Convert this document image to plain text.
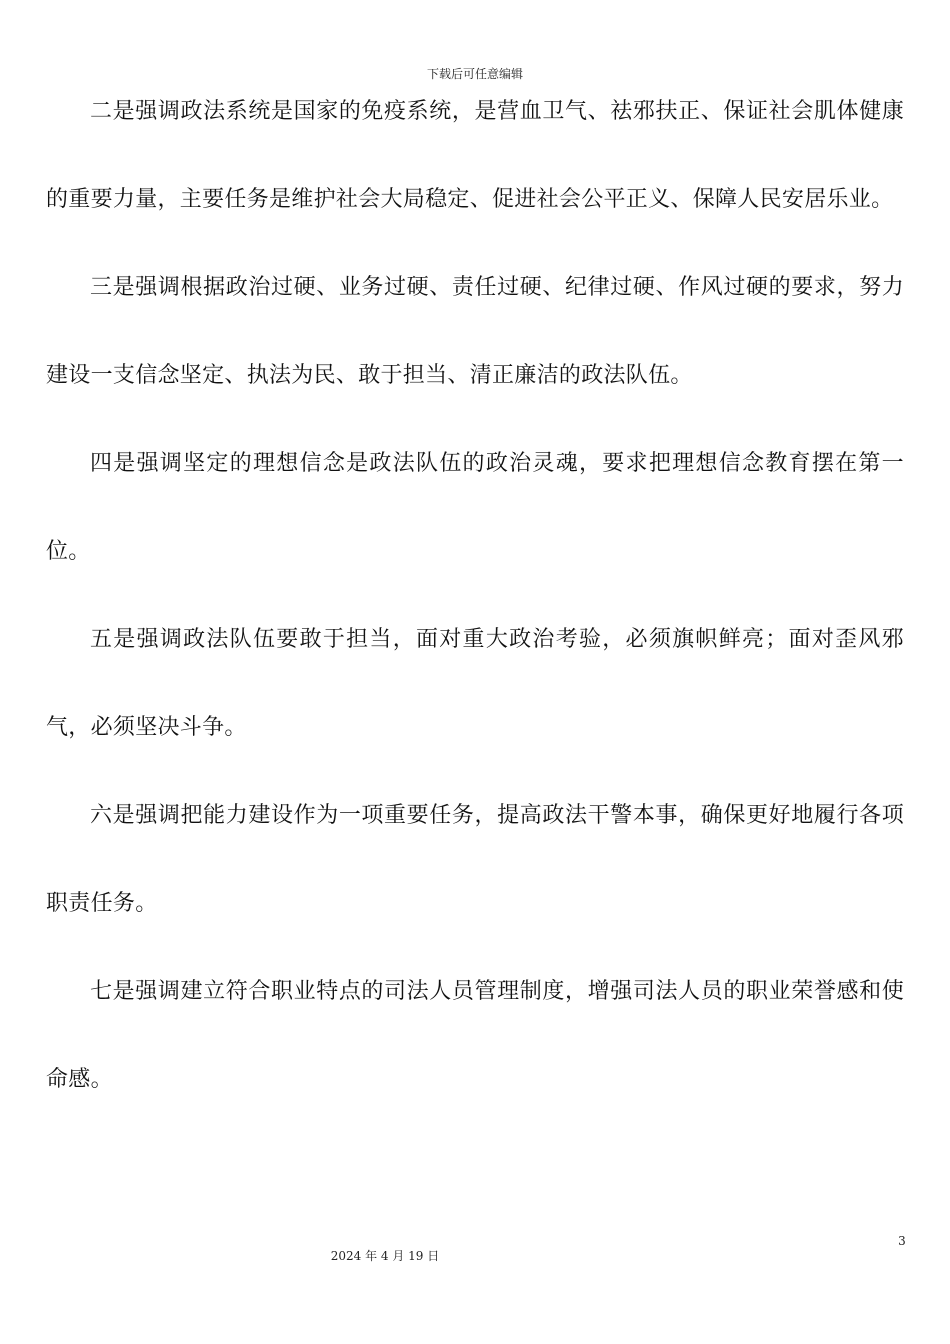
下载后可任意编辑

二是强调政法系统是国家的免疫系统，是营血卫气、祛邪扶正、保证社会肌体健康的重要力量，主要任务是维护社会大局稳定、促进社会公平正义、保障人民安居乐业。

三是强调根据政治过硬、业务过硬、责任过硬、纪律过硬、作风过硬的要求，努力建设一支信念坚定、执法为民、敢于担当、清正廉洁的政法队伍。

四是强调坚定的理想信念是政法队伍的政治灵魂，要求把理想信念教育摆在第一位。

五是强调政法队伍要敢于担当，面对重大政治考验，必须旗帜鲜亮；面对歪风邪气，必须坚决斗争。

六是强调把能力建设作为一项重要任务，提高政法干警本事，确保更好地履行各项职责任务。

七是强调建立符合职业特点的司法人员管理制度，增强司法人员的职业荣誉感和使命感。

3
2024 年 4 月 19 日
